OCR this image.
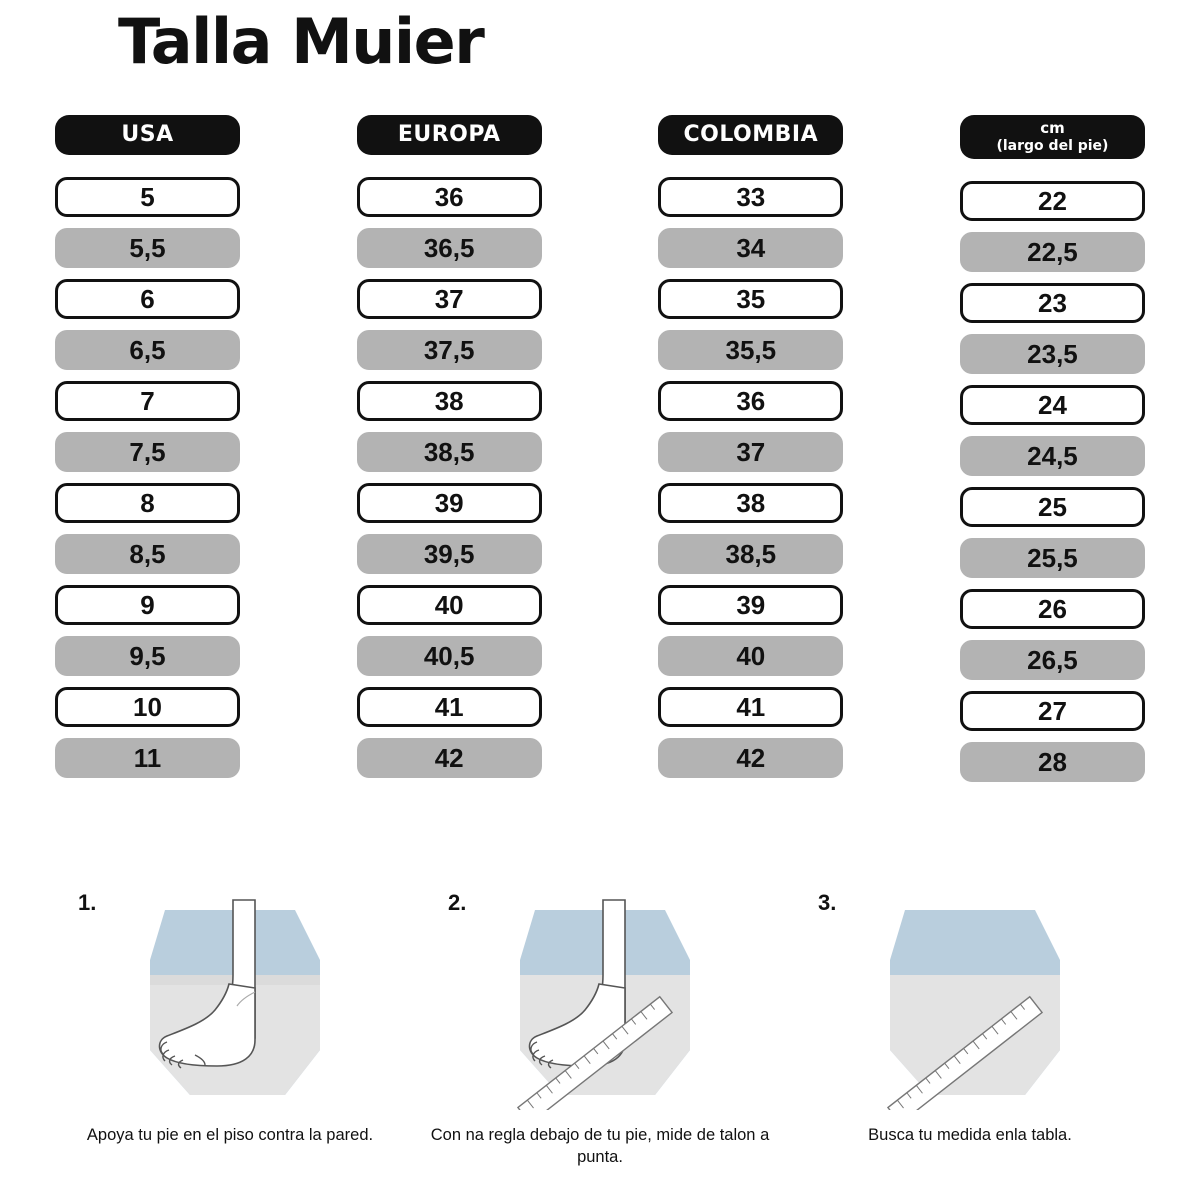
Talla Muier
USA
5
5,5
6
6,5
7
7,5
8
8,5
9
9,5
10
11
EUROPA
36
36,5
37
37,5
38
38,5
39
39,5
40
40,5
41
42
COLOMBIA
33
34
35
35,5
36
37
38
38,5
39
40
41
42
cm
(largo del pie)
22
22,5
23
23,5
24
24,5
25
25,5
26
26,5
27
28
1.
Apoya tu pie en el piso contra la pared.
2.
Con na regla debajo de tu pie, mide de talon a punta.
3.
Busca tu medida enla tabla.
